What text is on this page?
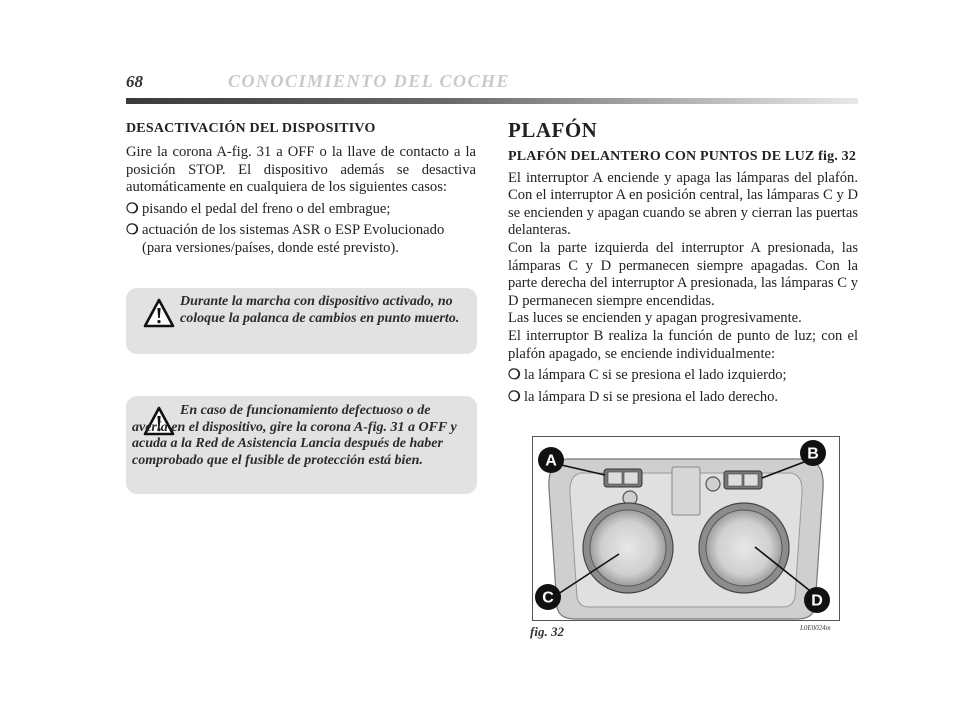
68	CONOCIMIENTO DEL COCHE
DESACTIVACIÓN DEL DISPOSITIVO

Gire la corona A-fig. 31 a OFF o la llave de contacto a la posición STOP. El dispositivo además se desactiva automáticamente en cualquiera de los siguientes casos:

❍ pisando el pedal del freno o del embrague;
❍ actuación de los sistemas ASR o ESP Evolucionado (para versiones/países, donde esté previsto).
Durante la marcha con dispositivo activado, no coloque la palanca de cambios en punto muerto.
En caso de funcionamiento defectuoso o de avería en el dispositivo, gire la corona A-fig. 31 a OFF y acuda a la Red de Asistencia Lancia después de haber comprobado que el fusible de protección está bien.
PLAFÓN
PLAFÓN DELANTERO CON PUNTOS DE LUZ fig. 32

El interruptor A enciende y apaga las lámparas del plafón. Con el interruptor A en posición central, las lámparas C y D se encienden y apagan cuando se abren y cierran las puertas delanteras.

Con la parte izquierda del interruptor A presionada, las lámparas C y D permanecen siempre apagadas. Con la parte derecha del interruptor A presionada, las lámparas C y D permanecen siempre encendidas.

Las luces se encienden y apagan progresivamente.

El interruptor B realiza la función de punto de luz; con el plafón apagado, se enciende individualmente:

❍ la lámpara C si se presiona el lado izquierdo;
❍ la lámpara D si se presiona el lado derecho.
A	B
C	D
fig. 32	L0E0024m
